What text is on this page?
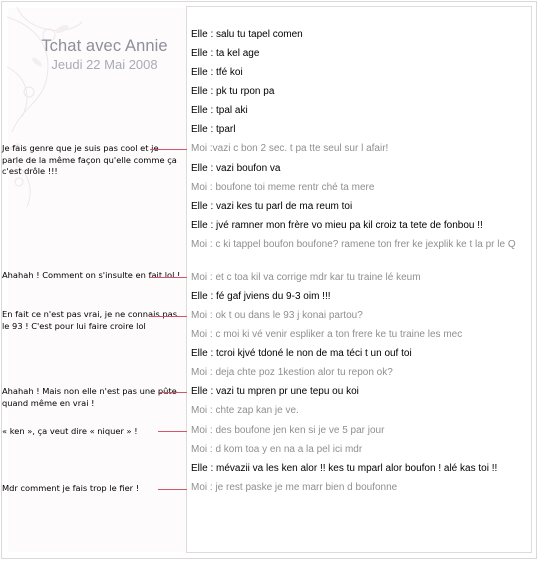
Tchat avec Annie
Jeudi 22 Mai 2008
Elle : salu tu tapel comen
Elle : ta kel age
Elle : tfé koi
Elle : pk tu rpon pa
Elle : tpal aki
Elle : tparl
Moi :vazi c bon 2 sec. t pa tte seul sur l afair!
Elle : vazi boufon va
Moi : boufone toi meme rentr ché ta mere
Elle : vazi kes tu parl de ma reum toi
Elle : jvé ramner mon frère vo mieu pa kil croiz ta tete de fonbou !!
Moi : c ki tappel boufon boufone? ramene ton frer ke jexplik ke t la pr le Q
Moi : et c toa kil va corrige mdr kar tu traine lé keum
Elle : fé gaf jviens du 9-3 oim !!!
Moi : ok t ou dans le 93 j konai partou?
Moi : c moi ki vé venir espliker a ton frere ke tu traine les mec
Elle : tcroi kjvé tdoné le non de ma téci t un ouf toi
Moi : deja chte poz 1kestion alor tu repon ok?
Elle : vazi tu mpren pr une tepu ou koi
Moi : chte zap kan je ve.
Moi : des boufone jen ken si je ve 5 par jour
Moi : d kom toa y en na a la pel ici mdr
Elle : mévazii va les ken alor !! kes tu mparl alor boufon ! alé kas toi !!
Moi : je rest paske je me marr bien d boufonne
Je fais genre que je suis pas cool et je parle de la même façon qu'elle comme ça c'est drôle !!!
Ahahah ! Comment on s'insulte en fait lol !
En fait ce n'est pas vrai, je ne connais pas le 93 ! C'est pour lui faire croire lol
Ahahah ! Mais non elle n'est pas une pûte quand même en vrai !
« ken », ça veut dire « niquer » !
Mdr comment je fais trop le fier !
